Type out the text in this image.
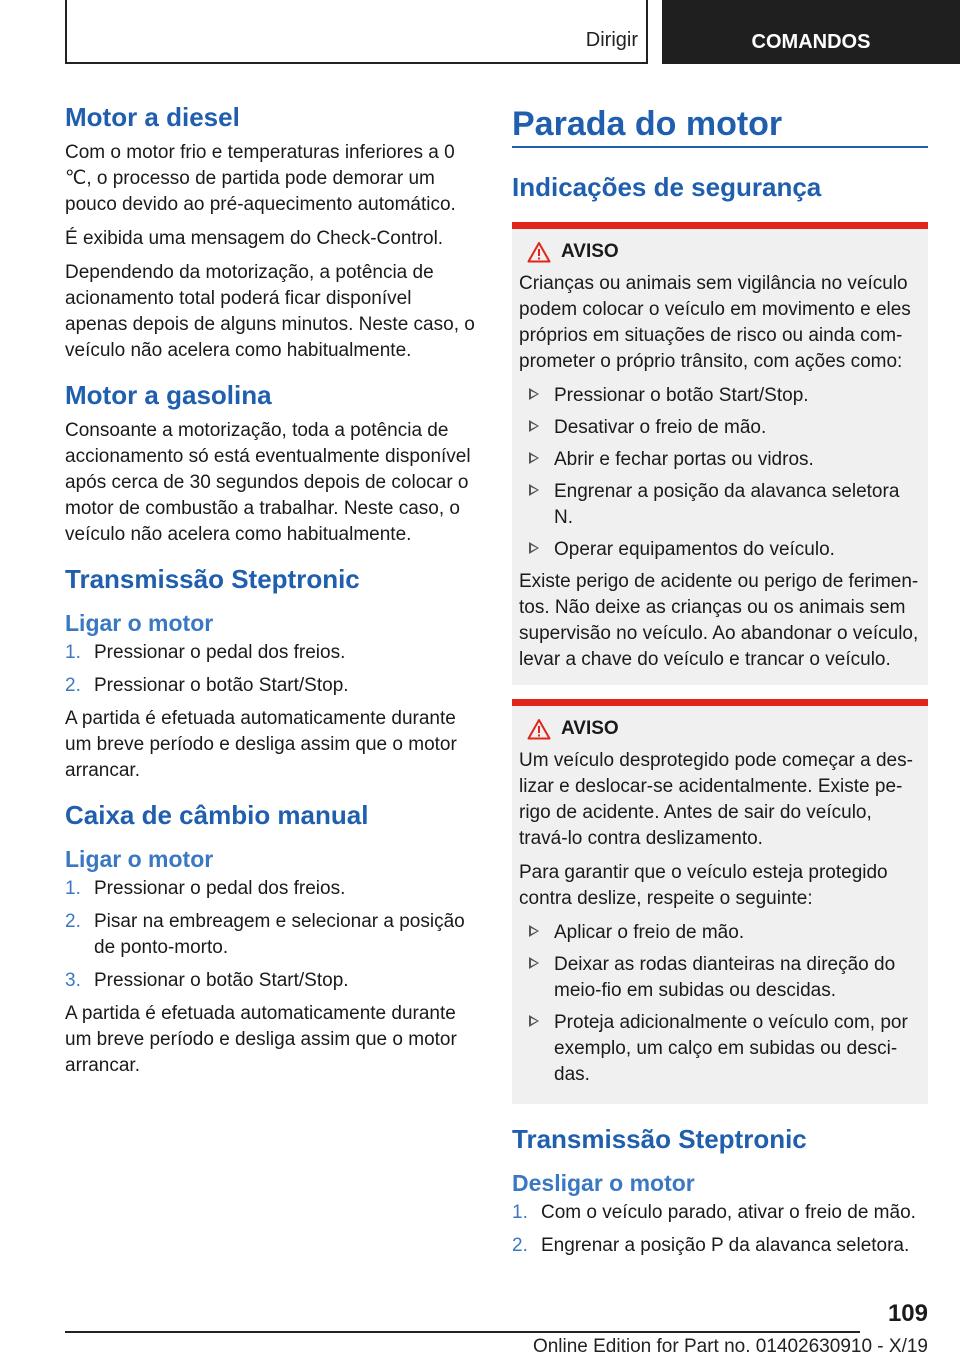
Dirigir	COMANDOS
Motor a diesel

Com o motor frio e temperaturas inferiores a 0 ℃, o processo de partida pode demorar um pouco devido ao pré-aquecimento automático.

É exibida uma mensagem do Check-Control.

Dependendo da motorização, a potência de acionamento total poderá ficar disponível apenas depois de alguns minutos. Neste caso, o veículo não acelera como habitualmente.

Motor a gasolina

Consoante a motorização, toda a potência de accionamento só está eventualmente disponível após cerca de 30 segundos depois de colocar o motor de combustão a trabalhar. Neste caso, o veículo não acelera como habitualmente.

Transmissão Steptronic
Ligar o motor
1. Pressionar o pedal dos freios.
2. Pressionar o botão Start/Stop.

A partida é efetuada automaticamente durante um breve período e desliga assim que o motor arrancar.

Caixa de câmbio manual
Ligar o motor
1. Pressionar o pedal dos freios.
2. Pisar na embreagem e selecionar a posição de ponto-morto.
3. Pressionar o botão Start/Stop.

A partida é efetuada automaticamente durante um breve período e desliga assim que o motor arrancar.

Parada do motor
Indicações de segurança
AVISO

Crianças ou animais sem vigilância no veículo podem colocar o veículo em movimento e eles próprios em situações de risco ou ainda comprometer o próprio trânsito, com ações como:

Pressionar o botão Start/Stop.
Desativar o freio de mão.
Abrir e fechar portas ou vidros.
Engrenar a posição da alavanca seletora N.
Operar equipamentos do veículo.

Existe perigo de acidente ou perigo de ferimentos. Não deixe as crianças ou os animais sem supervisão no veículo. Ao abandonar o veículo, levar a chave do veículo e trancar o veículo.

AVISO

Um veículo desprotegido pode começar a deslizar e deslocar-se acidentalmente. Existe perigo de acidente. Antes de sair do veículo, travá-lo contra deslizamento.

Para garantir que o veículo esteja protegido contra deslize, respeite o seguinte:

Aplicar o freio de mão.
Deixar as rodas dianteiras na direção do meio-fio em subidas ou descidas.
Proteja adicionalmente o veículo com, por exemplo, um calço em subidas ou descidas.
Transmissão Steptronic
Desligar o motor
1. Com o veículo parado, ativar o freio de mão.
2. Engrenar a posição P da alavanca seletora.
109
Online Edition for Part no. 01402630910 - X/19
